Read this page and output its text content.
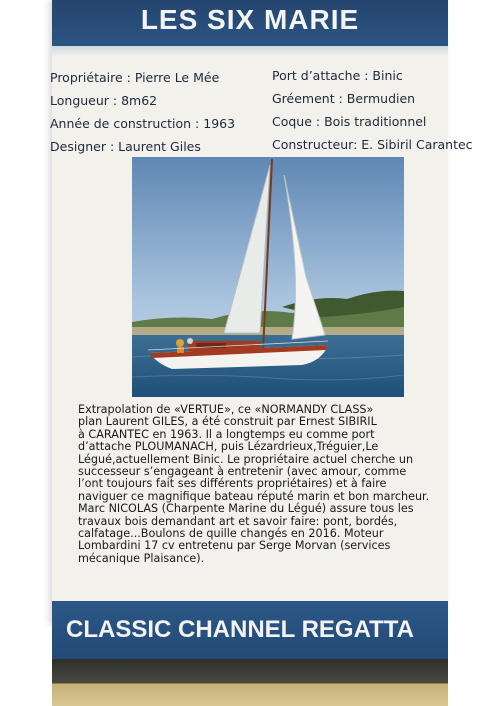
LES SIX MARIE
Propriétaire : Pierre Le Mée
Longueur : 8m62
Année de construction : 1963
Designer : Laurent Giles
Port d’attache : Binic
Gréement : Bermudien
Coque : Bois traditionnel
Constructeur: E. Sibiril Carantec
Extrapolation de «VERTUE», ce «NORMANDY CLASS»
plan Laurent GILES, a été construit par Ernest SIBIRIL
à CARANTEC en 1963. Il a longtemps eu comme port
d’attache PLOUMANACH, puis Lézardrieux,Tréguier,Le
Légué,actuellement Binic. Le propriétaire actuel cherche un
successeur s’engageant à entretenir (avec amour, comme
l’ont toujours fait ses différents propriétaires) et à faire
naviguer ce magnifique bateau réputé marin et bon marcheur.
Marc NICOLAS (Charpente Marine du Légué) assure tous les
travaux bois demandant art et savoir faire: pont, bordés,
calfatage...Boulons de quille changés en 2016. Moteur
Lombardini 17 cv entretenu par Serge Morvan (services
mécanique Plaisance).
CLASSIC CHANNEL REGATTA
